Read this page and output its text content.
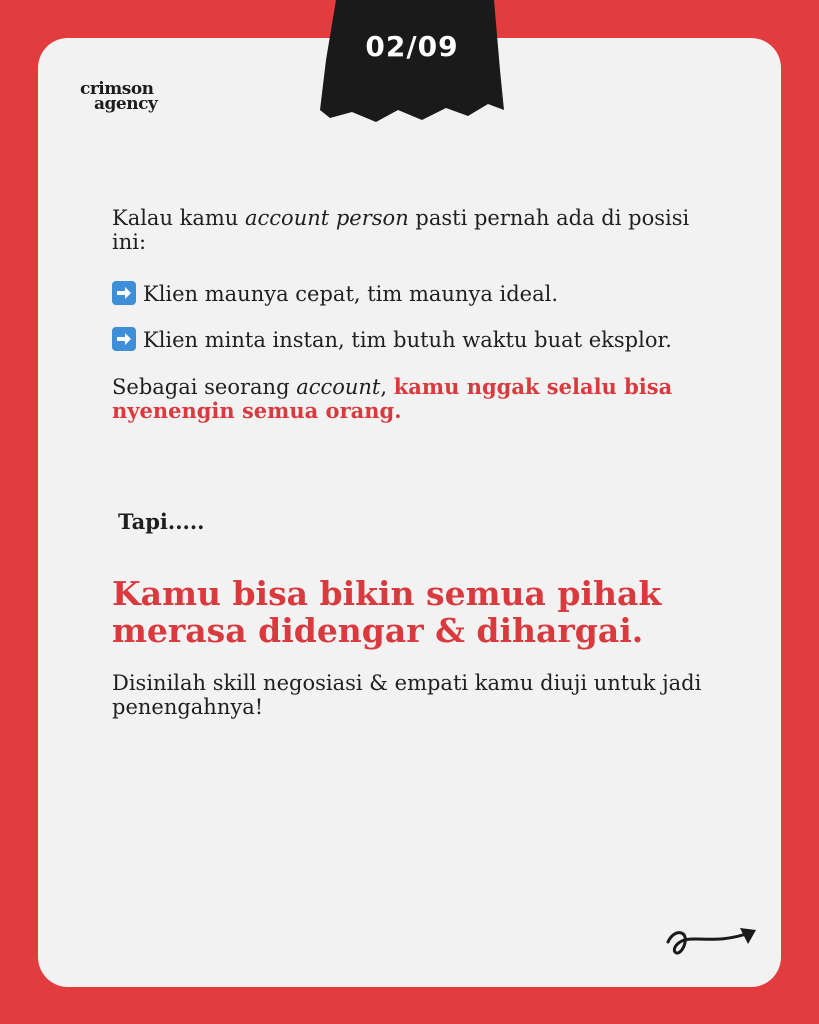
02/09
crimson
agency
Kalau kamu account person pasti pernah ada di posisi ini:
Klien maunya cepat, tim maunya ideal.
Klien minta instan, tim butuh waktu buat eksplor.
Sebagai seorang account, kamu nggak selalu bisa nyenengin semua orang.
Tapi.....
Kamu bisa bikin semua pihak merasa didengar & dihargai.
Disinilah skill negosiasi & empati kamu diuji untuk jadi penengahnya!
